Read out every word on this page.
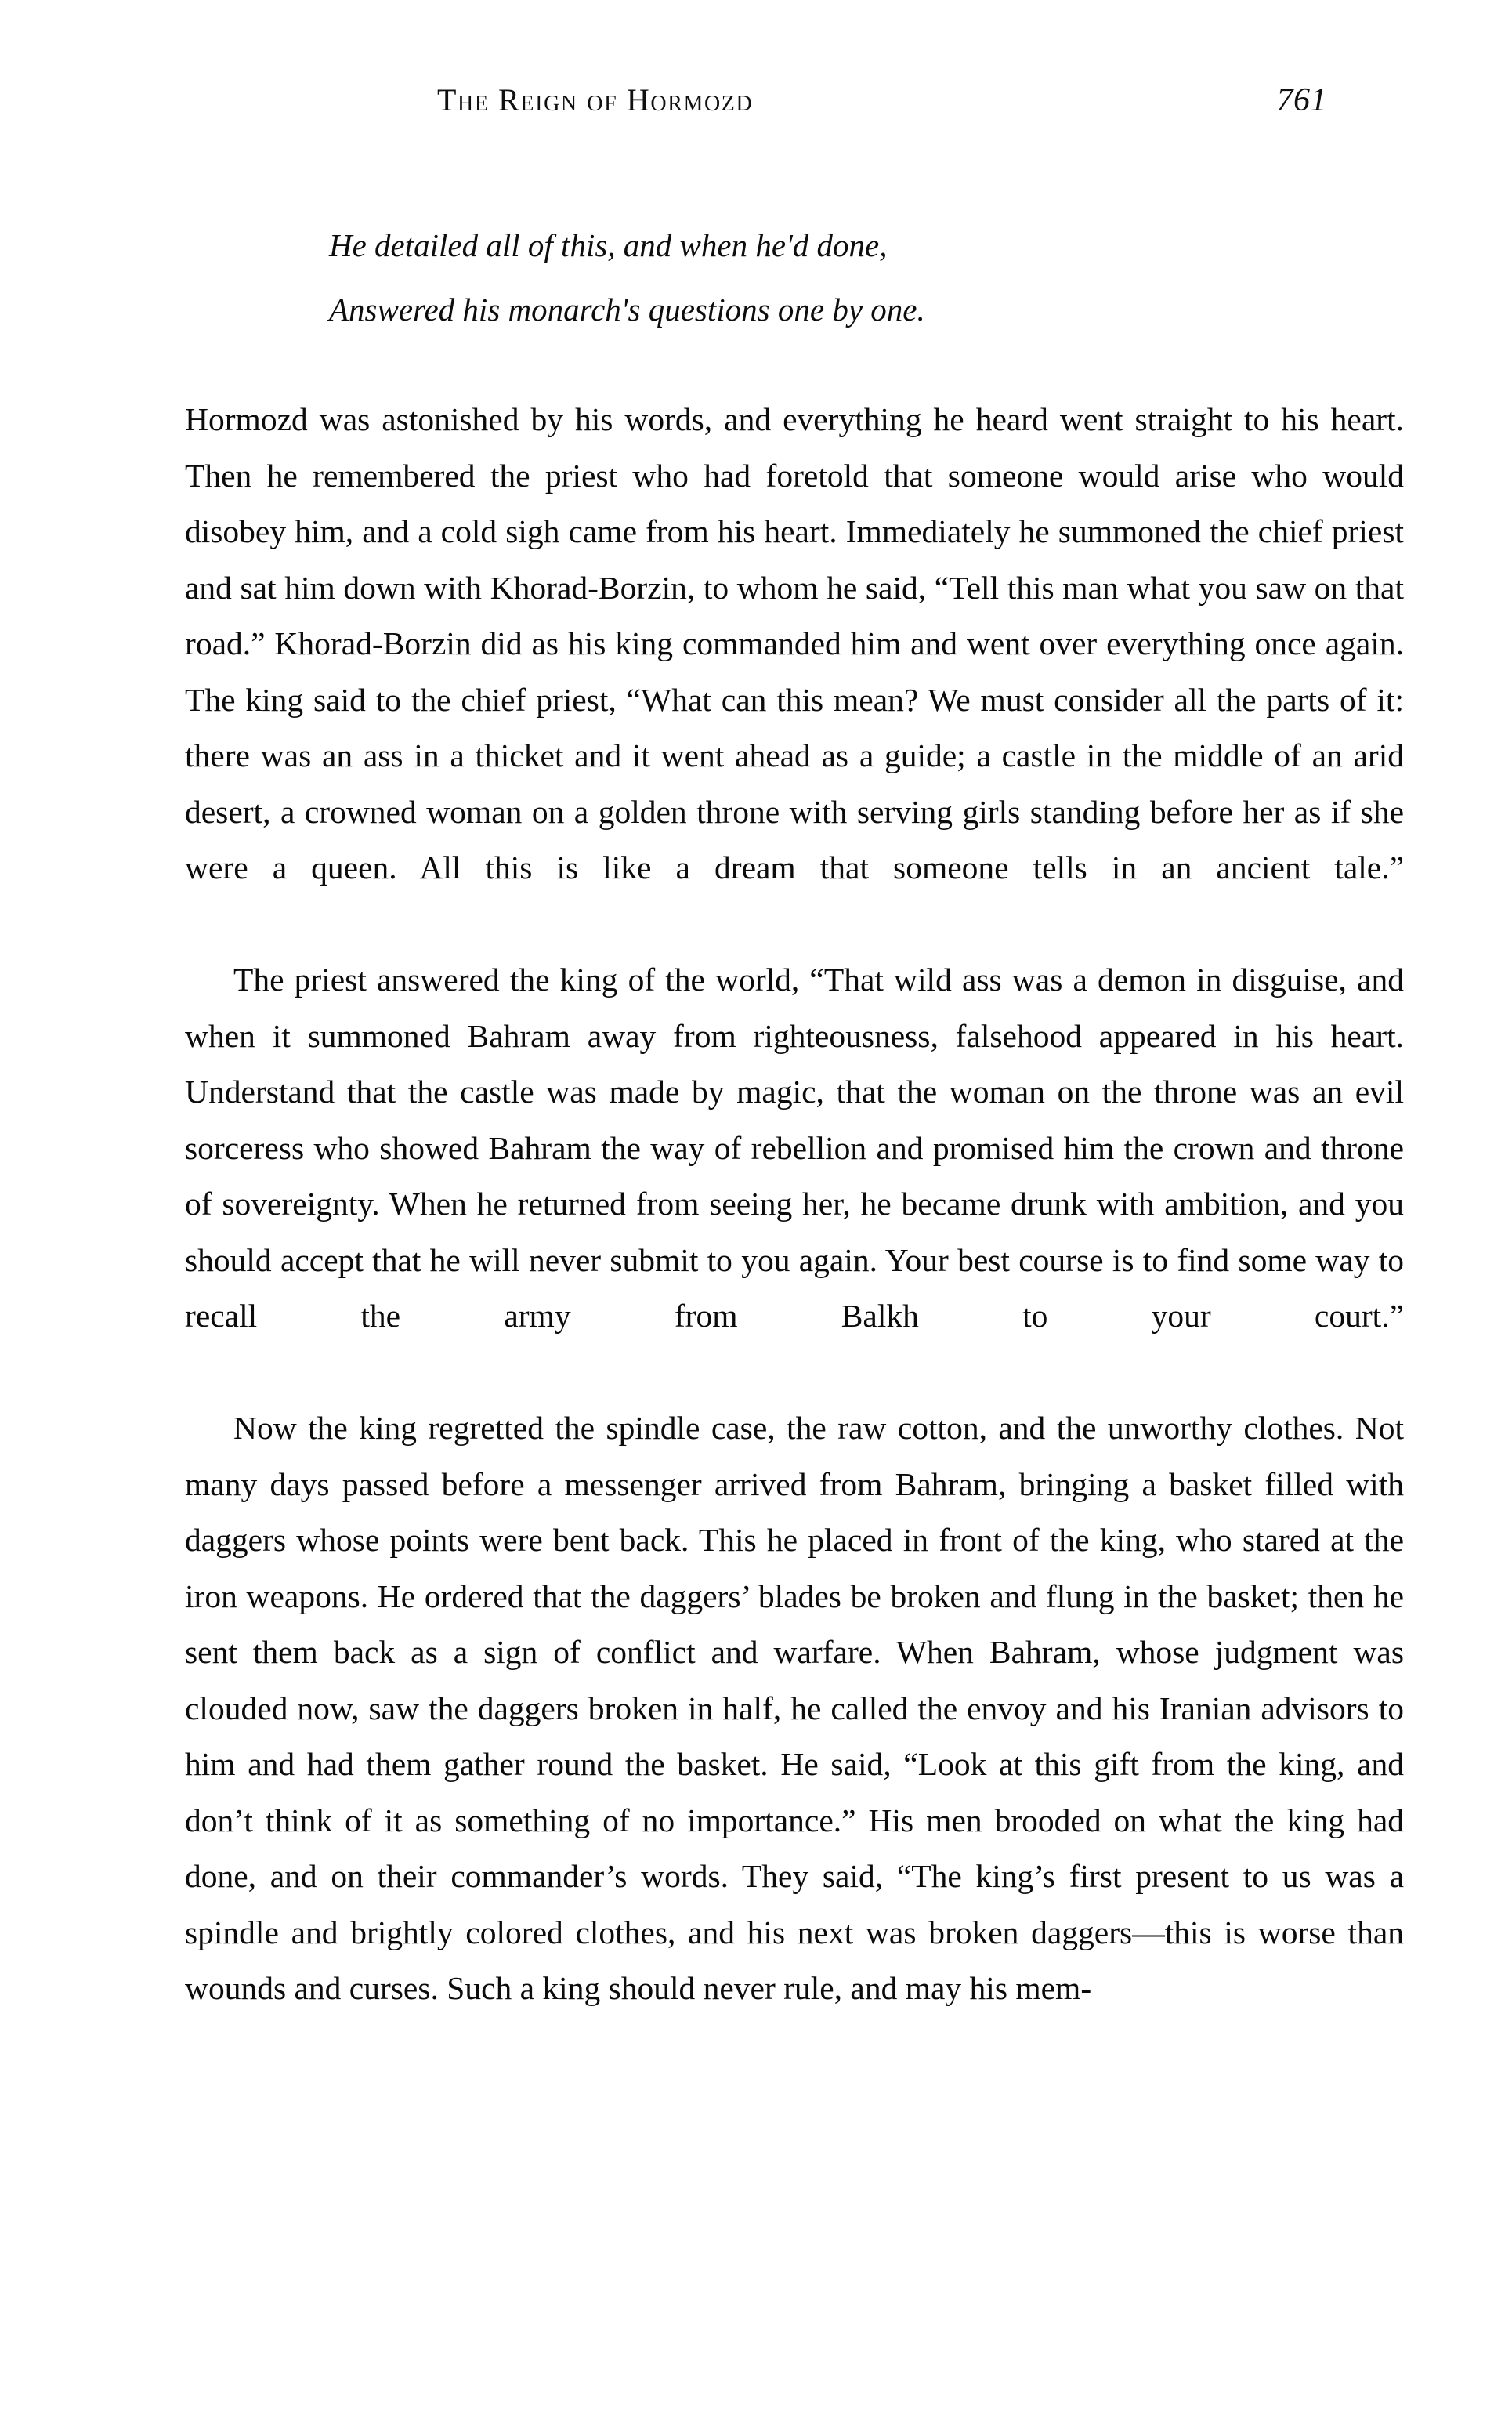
The Reign of Hormozd	761
He detailed all of this, and when he'd done,
Answered his monarch's questions one by one.

Hormozd was astonished by his words, and everything he heard went straight to his heart. Then he remembered the priest who had foretold that someone would arise who would disobey him, and a cold sigh came from his heart. Immediately he summoned the chief priest and sat him down with Khorad-Borzin, to whom he said, “Tell this man what you saw on that road.” Khorad-Borzin did as his king commanded him and went over everything once again. The king said to the chief priest, “What can this mean? We must consider all the parts of it: there was an ass in a thicket and it went ahead as a guide; a castle in the middle of an arid desert, a crowned woman on a golden throne with serving girls standing before her as if she were a queen. All this is like a dream that someone tells in an ancient tale.”

The priest answered the king of the world, “That wild ass was a demon in disguise, and when it summoned Bahram away from righteousness, falsehood appeared in his heart. Understand that the castle was made by magic, that the woman on the throne was an evil sorceress who showed Bahram the way of rebellion and promised him the crown and throne of sovereignty. When he returned from seeing her, he became drunk with ambition, and you should accept that he will never submit to you again. Your best course is to find some way to recall the army from Balkh to your court.”

Now the king regretted the spindle case, the raw cotton, and the unworthy clothes. Not many days passed before a messenger arrived from Bahram, bringing a basket filled with daggers whose points were bent back. This he placed in front of the king, who stared at the iron weapons. He ordered that the daggers’ blades be broken and flung in the basket; then he sent them back as a sign of conflict and warfare. When Bahram, whose judgment was clouded now, saw the daggers broken in half, he called the envoy and his Iranian advisors to him and had them gather round the basket. He said, “Look at this gift from the king, and don’t think of it as something of no importance.” His men brooded on what the king had done, and on their commander’s words. They said, “The king’s first present to us was a spindle and brightly colored clothes, and his next was broken daggers—this is worse than wounds and curses. Such a king should never rule, and may his mem-
